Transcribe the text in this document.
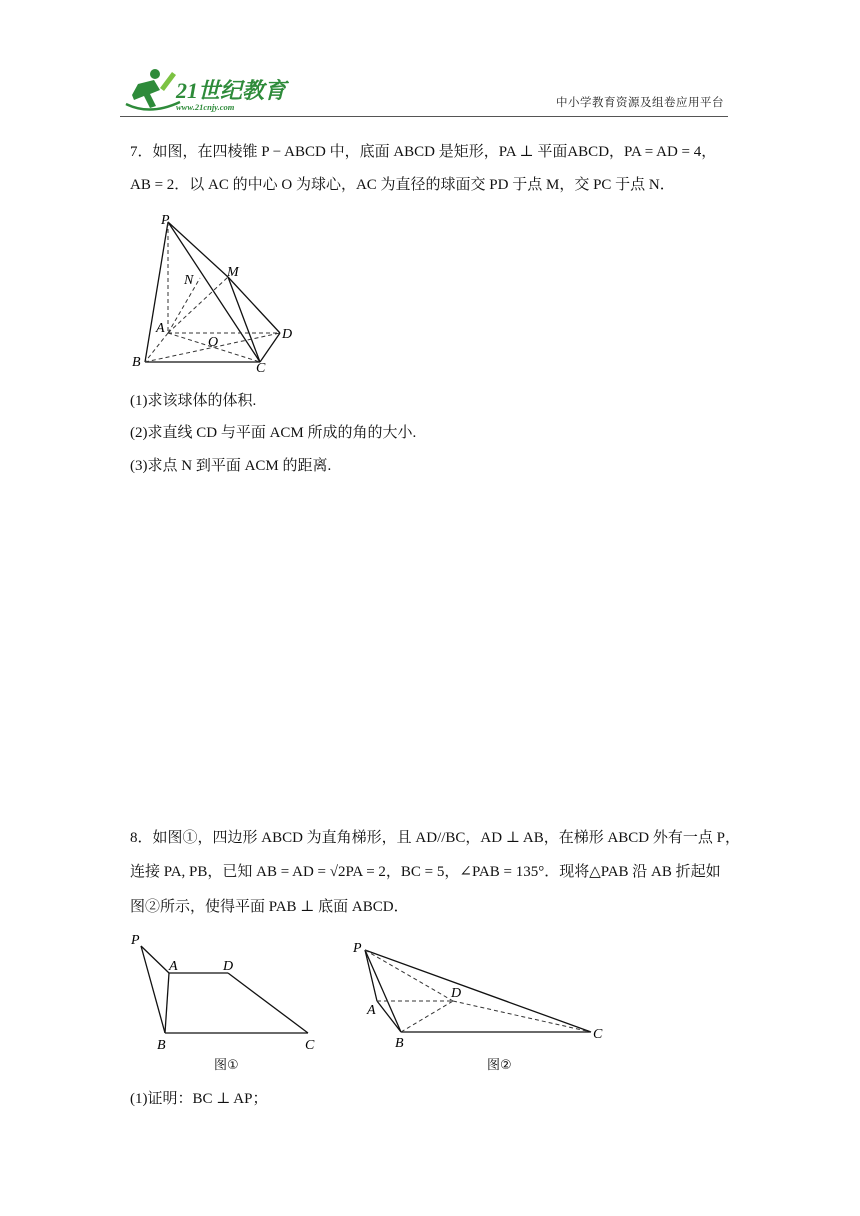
21世纪教育
www.21cnjy.com	中小学教育资源及组卷应用平台
7．如图，在四棱锥 P − ABCD 中，底面 ABCD 是矩形，PA ⊥ 平面ABCD，PA = AD = 4，
AB = 2．以 AC 的中心 O 为球心，AC 为直径的球面交 PD 于点 M，交 PC 于点 N．
P
N
M
A
O
D
B	C
(1)求该球体的体积.
(2)求直线 CD 与平面 ACM 所成的角的大小.
(3)求点 N 到平面 ACM 的距离.
8．如图①，四边形 ABCD 为直角梯形，且 AD//BC，AD ⊥ AB，在梯形 ABCD 外有一点 P，
连接 PA, PB，已知 AB = AD = √2PA = 2，BC = 5，∠PAB = 135°．现将△PAB 沿 AB 折起如
图②所示，使得平面 PAB ⊥ 底面 ABCD．
P
A	D
B	C
图①
P
A
D
B
C
图②
(1)证明：BC ⊥ AP；
